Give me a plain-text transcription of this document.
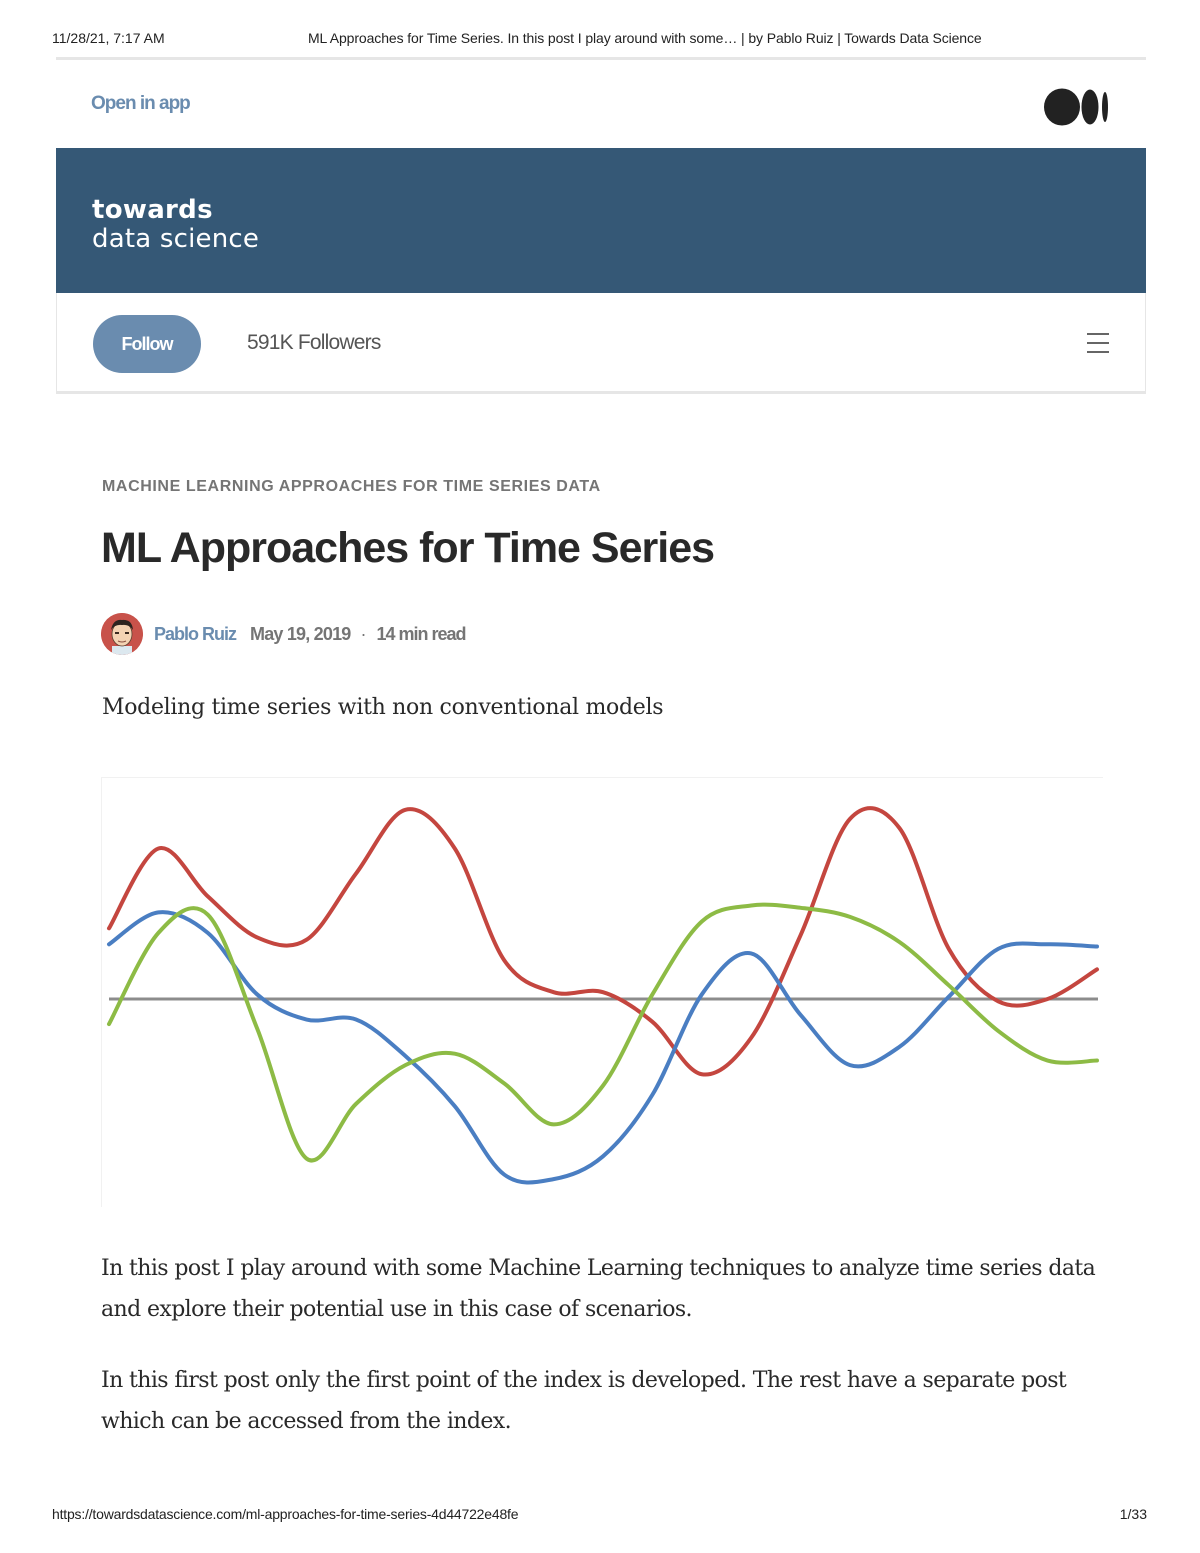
11/28/21, 7:17 AM	ML Approaches for Time Series. In this post I play around with some… | by Pablo Ruiz | Towards Data Science
Open in app
towards
data science
Follow	591K Followers
MACHINE LEARNING APPROACHES FOR TIME SERIES DATA
ML Approaches for Time Series
Pablo Ruiz May 19, 2019 · 14 min read
Modeling time series with non conventional models

In this post I play around with some Machine Learning techniques to analyze time series data and explore their potential use in this case of scenarios.

In this first post only the first point of the index is developed. The rest have a separate post which can be accessed from the index.

https://towardsdatascience.com/ml-approaches-for-time-series-4d44722e48fe	1/33
